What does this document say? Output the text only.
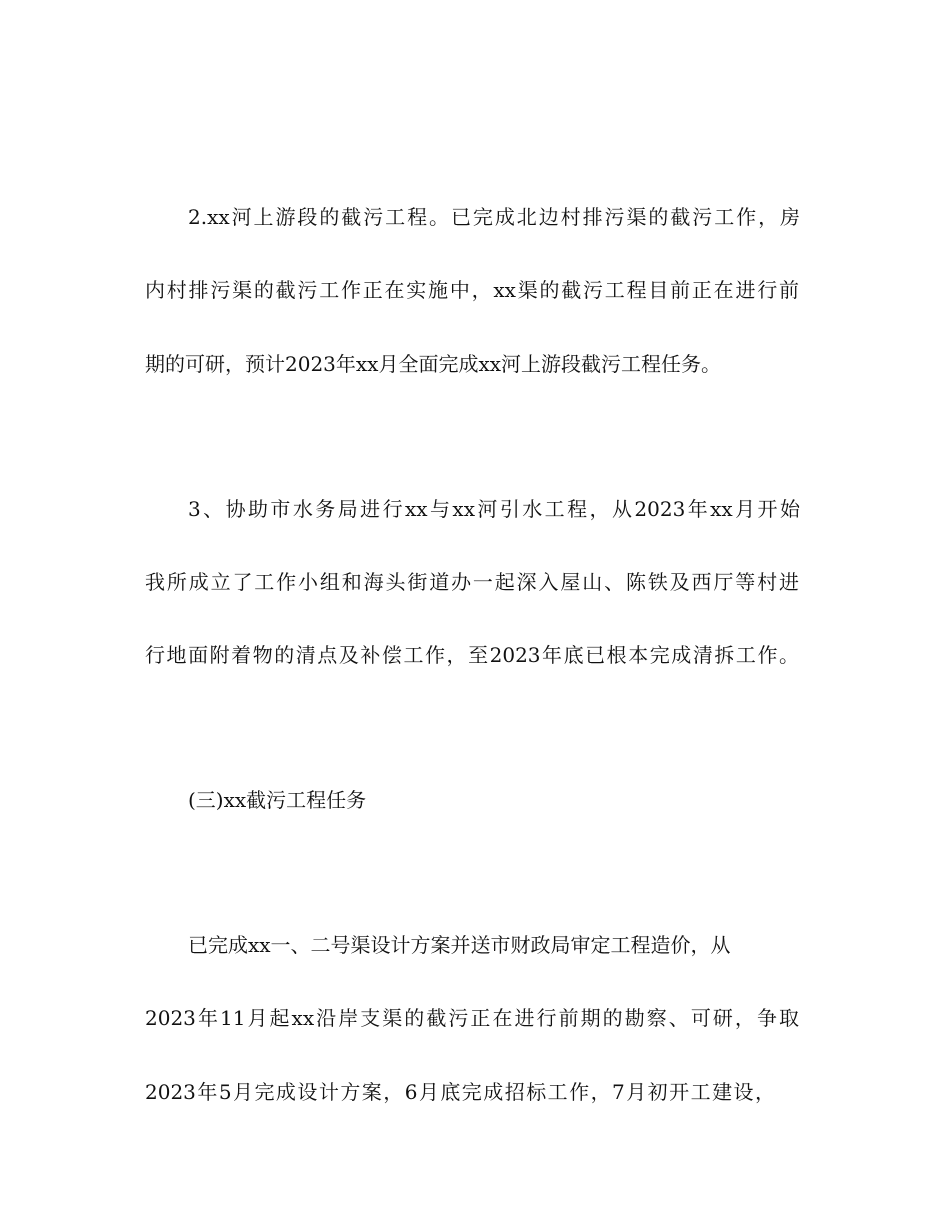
2.xx河上游段的截污工程。已完成北边村排污渠的截污工作，房

内村排污渠的截污工作正在实施中，xx渠的截污工程目前正在进行前

期的可研，预计2023年xx月全面完成xx河上游段截污工程任务。

3、协助市水务局进行xx与xx河引水工程，从2023年xx月开始

我所成立了工作小组和海头街道办一起深入屋山、陈铁及西厅等村进

行地面附着物的清点及补偿工作，至2023年底已根本完成清拆工作。

(三)xx截污工程任务

已完成xx一、二号渠设计方案并送市财政局审定工程造价，从

2023年11月起xx沿岸支渠的截污正在进行前期的勘察、可研，争取

2023年5月完成设计方案，6月底完成招标工作，7月初开工建设，
